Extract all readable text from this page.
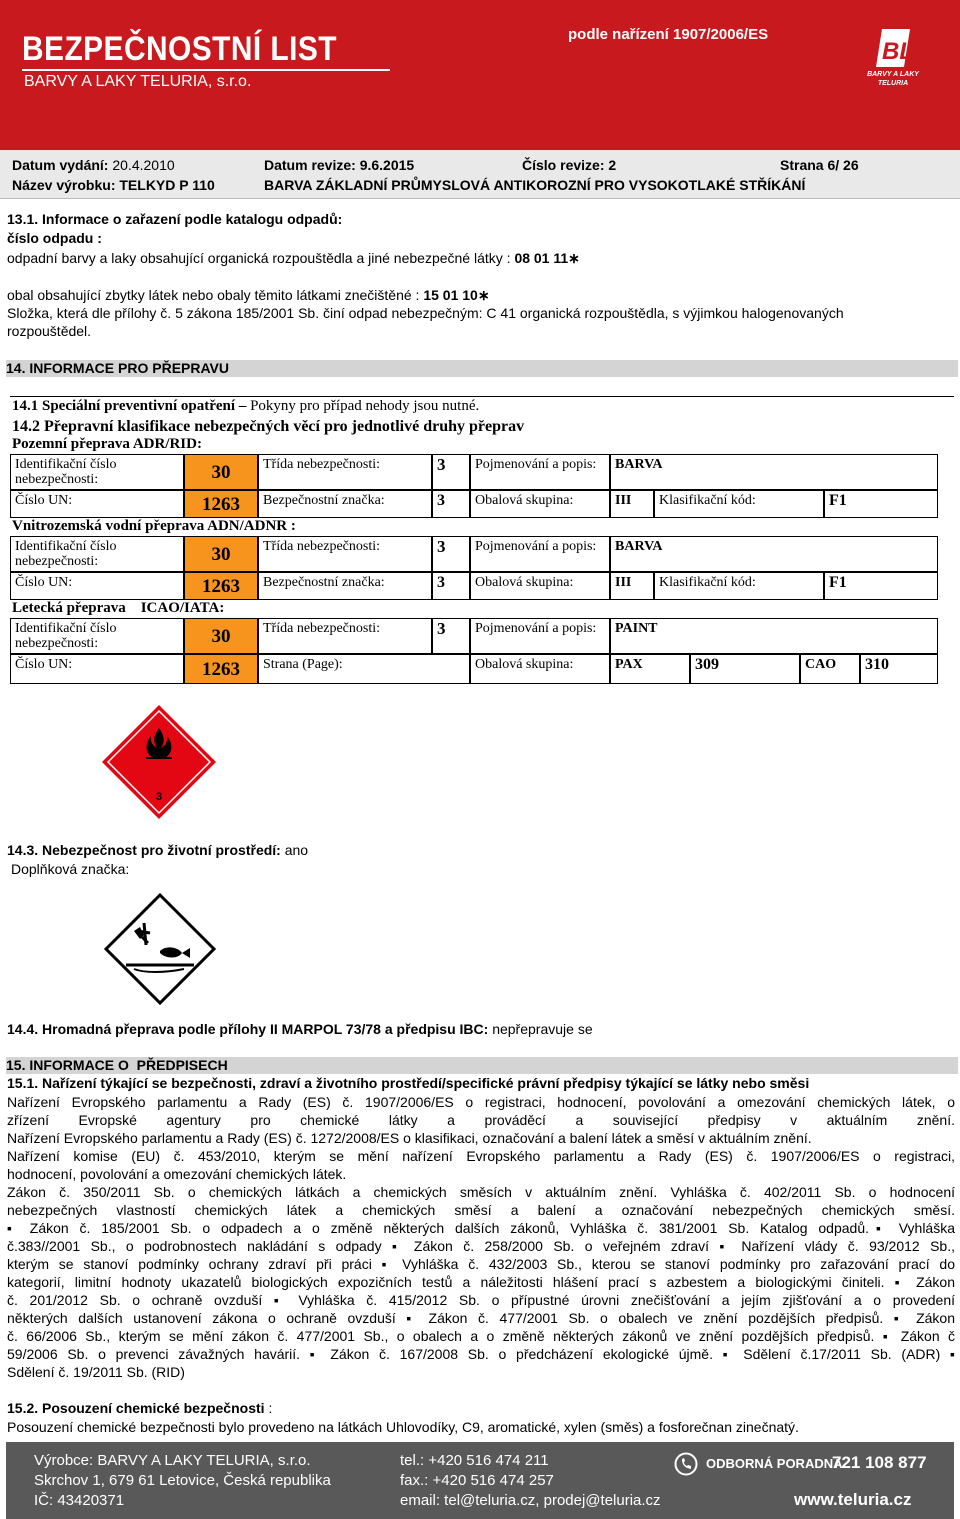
BEZPEČNOSTNÍ LIST
BARVY A LAKY TELURIA, s.r.o.
podle nařízení 1907/2006/ES
BL
BARVY A LAKY
TELURIA
Datum vydání: 20.4.2010	Datum revize: 9.6.2015	Číslo revize: 2	Strana 6/ 26
Název výrobku: TELKYD P 110	BARVA ZÁKLADNÍ PRŮMYSLOVÁ ANTIKOROZNÍ PRO VYSOKOTLAKÉ STŘÍKÁNÍ
13.1. Informace o zařazení podle katalogu odpadů:
číslo odpadu :
odpadní barvy a laky obsahující organická rozpouštědla a jiné nebezpečné látky : 08 01 11∗
obal obsahující zbytky látek nebo obaly těmito látkami znečištěné : 15 01 10∗
Složka, která dle přílohy č. 5 zákona 185/2001 Sb. činí odpad nebezpečným: C 41 organická rozpouštědla, s výjimkou halogenovaných
rozpouštědel.
14. INFORMACE PRO PŘEPRAVU
14.1 Speciální preventivní opatření – Pokyny pro případ nehody jsou nutné.
14.2 Přepravní klasifikace nebezpečných věcí pro jednotlivé druhy přeprav
Pozemní přeprava ADR/RID:
Identifikační číslo nebezpečnosti:	30	Třída nebezpečnosti:	3	Pojmenování a popis:	BARVA
Číslo UN:	1263	Bezpečnostní značka:	3	Obalová skupina:	III	Klasifikační kód:	F1
Vnitrozemská vodní přeprava ADN/ADNR :
Identifikační číslo nebezpečnosti:	30	Třída nebezpečnosti:	3	Pojmenování a popis:	BARVA
Číslo UN:	1263	Bezpečnostní značka:	3	Obalová skupina:	III	Klasifikační kód:	F1
Letecká přeprava    ICAO/IATA:
Identifikační číslo nebezpečnosti:	30	Třída nebezpečnosti:	3	Pojmenování a popis:	PAINT
Číslo UN:	1263	Strana (Page):	Obalová skupina:	PAX	309	CAO	310
3
14.3. Nebezpečnost pro životní prostředí: ano
Doplňková značka:
14.4. Hromadná přeprava podle přílohy II MARPOL 73/78 a předpisu IBC: nepřepravuje se
15. INFORMACE O  PŘEDPISECH
15.1. Nařízení týkající se bezpečnosti, zdraví a životního prostředí/specifické právní předpisy týkající se látky nebo směsi
Nařízení Evropského parlamentu a Rady (ES) č. 1907/2006/ES o registraci, hodnocení, povolování a omezování chemických látek, o
zřízení Evropské agentury pro chemické látky a prováděcí a související předpisy v aktuálním znění.
Nařízení Evropského parlamentu a Rady (ES) č. 1272/2008/ES o klasifikaci, označování a balení látek a směsí v aktuálním znění.
Nařízení komise (EU) č. 453/2010, kterým se mění nařízení Evropského parlamentu a Rady (ES) č. 1907/2006/ES o registraci,
hodnocení, povolování a omezování chemických látek.
Zákon č. 350/2011 Sb. o chemických látkách a chemických směsích v aktuálním znění. Vyhláška č. 402/2011 Sb. o hodnocení
nebezpečných vlastností chemických látek a chemických směsí a balení a označování nebezpečných chemických směsí.
▪ Zákon č. 185/2001 Sb. o odpadech a o změně některých dalších zákonů, Vyhláška č. 381/2001 Sb. Katalog odpadů.▪ Vyhláška
č.383//2001 Sb., o podrobnostech nakládání s odpady ▪ Zákon č. 258/2000 Sb. o veřejném zdraví ▪ Nařízení vlády č. 93/2012 Sb.,
kterým se stanoví podmínky ochrany zdraví při práci ▪ Vyhláška č. 432/2003 Sb., kterou se stanoví podmínky pro zařazování prací do
kategorií, limitní hodnoty ukazatelů biologických expozičních testů a náležitosti hlášení prací s azbestem a biologickými činiteli. ▪ Zákon
č. 201/2012 Sb. o ochraně ovzduší ▪ Vyhláška č. 415/2012 Sb. o přípustné úrovni znečišťování a jejím zjišťování a o provedení
některých dalších ustanovení zákona o ochraně ovzduší ▪ Zákon č. 477/2001 Sb. o obalech ve znění pozdějších předpisů. ▪ Zákon
č. 66/2006 Sb., kterým se mění zákon č. 477/2001 Sb., o obalech a o změně některých zákonů ve znění pozdějších předpisů. ▪ Zákon č
59/2006 Sb. o prevenci závažných havárií. ▪ Zákon č. 167/2008 Sb. o předcházení ekologické újmě. ▪ Sdělení č.17/2011 Sb. (ADR) ▪
Sdělení č. 19/2011 Sb. (RID)
15.2. Posouzení chemické bezpečnosti :
Posouzení chemické bezpečnosti bylo provedeno na látkách Uhlovodíky, C9, aromatické, xylen (směs) a fosforečnan zinečnatý.
Výrobce: BARVY A LAKY TELURIA, s.r.o.
Skrchov 1, 679 61 Letovice, Česká republika
IČ: 43420371
tel.: +420 516 474 211
fax.: +420 516 474 257
email: tel@teluria.cz, prodej@teluria.cz
ODBORNÁ PORADNA
721 108 877
www.teluria.cz
